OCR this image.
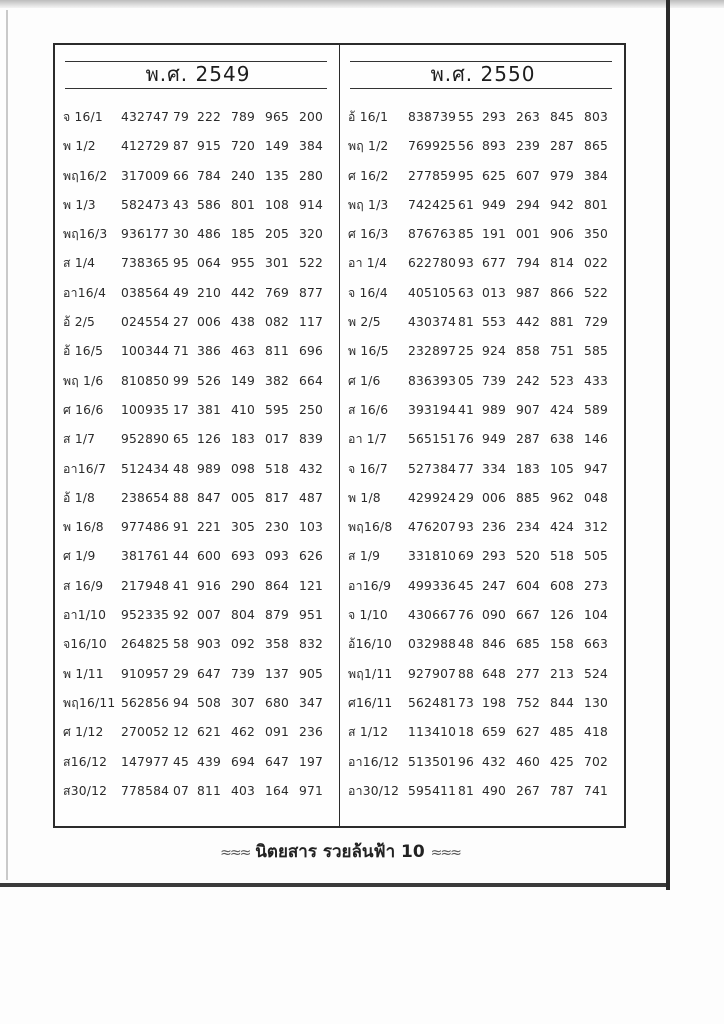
พ.ศ. 2549
จ 16/1	432747 79 222 789 965 200
พ 1/2	412729 87 915 720 149 384
พฤ16/2	317009 66 784 240 135 280
พ 1/3	582473 43 586 801 108 914
พฤ16/3	936177 30 486 185 205 320
ส 1/4	738365 95 064 955 301 522
อา16/4	038564 49 210 442 769 877
อ้ 2/5	024554 27 006 438 082 117
อ้ 16/5	100344 71 386 463 811 696
พฤ 1/6	810850 99 526 149 382 664
ศ 16/6	100935 17 381 410 595 250
ส 1/7	952890 65 126 183 017 839
อา16/7	512434 48 989 098 518 432
อ้ 1/8	238654 88 847 005 817 487
พ 16/8	977486 91 221 305 230 103
ศ 1/9	381761 44 600 693 093 626
ส 16/9	217948 41 916 290 864 121
อา1/10	952335 92 007 804 879 951
จ16/10	264825 58 903 092 358 832
พ 1/11	910957 29 647 739 137 905
พฤ16/11 562856 94 508 307 680 347
ศ 1/12	270052 12 621 462 091 236
ส16/12	147977 45 439 694 647 197
ส30/12	778584 07 811 403 164 971
พ.ศ. 2550
อ้ 16/1	838739 55 293 263 845 803
พฤ 1/2	769925 56 893 239 287 865
ศ 16/2	277859 95 625 607 979 384
พฤ 1/3	742425 61 949 294 942 801
ศ 16/3	876763 85 191 001 906 350
อา 1/4	622780 93 677 794 814 022
จ 16/4	405105 63 013 987 866 522
พ 2/5	430374 81 553 442 881 729
พ 16/5	232897 25 924 858 751 585
ศ 1/6	836393 05 739 242 523 433
ส 16/6	393194 41 989 907 424 589
อา 1/7	565151 76 949 287 638 146
จ 16/7	527384 77 334 183 105 947
พ 1/8	429924 29 006 885 962 048
พฤ16/8	476207 93 236 234 424 312
ส 1/9	331810 69 293 520 518 505
อา16/9	499336 45 247 604 608 273
จ 1/10	430667 76 090 667 126 104
อ้16/10	032988 48 846 685 158 663
พฤ1/11	927907 88 648 277 213 524
ศ16/11	562481 73 198 752 844 130
ส 1/12	113410 18 659 627 485 418
อา16/12 513501 96 432 460 425 702
อา30/12 595411 81 490 267 787 741
≈≈≈ นิตยสาร รวยล้นฟ้า 10 ≈≈≈
